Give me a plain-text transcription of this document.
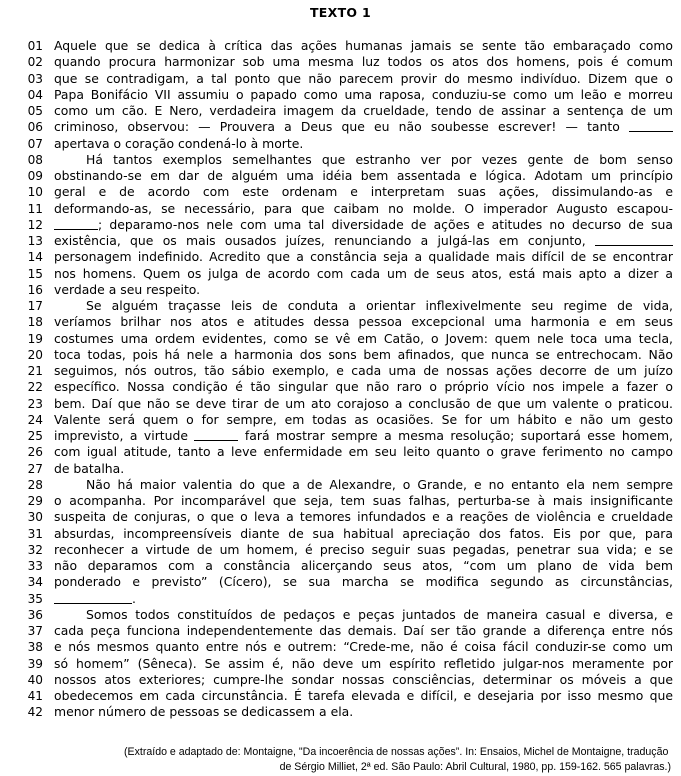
TEXTO 1
01 Aquele que se dedica à crítica das ações humanas jamais se sente tão embaraçado como
02 quando procura harmonizar sob uma mesma luz todos os atos dos homens, pois é comum
03 que se contradigam, a tal ponto que não parecem provir do mesmo indivíduo. Dizem que o
04 Papa Bonifácio VII assumiu o papado como uma raposa, conduziu-se como um leão e morreu
05 como um cão. E Nero, verdadeira imagem da crueldade, tendo de assinar a sentença de um
06 criminoso, observou: — Prouvera a Deus que eu não soubesse escrever! — tanto
07 apertava o coração condená-lo à morte.
08	Há tantos exemplos semelhantes que estranho ver por vezes gente de bom senso
09 obstinando-se em dar de alguém uma idéia bem assentada e lógica. Adotam um princípio
10 geral e de acordo com este ordenam e interpretam suas ações, dissimulando-as e
11 deformando-as, se necessário, para que caibam no molde. O imperador Augusto escapou-
12	; deparamo-nos nele com uma tal diversidade de ações e atitudes no decurso de sua
13 existência, que os mais ousados juízes, renunciando a julgá-las em conjunto,
14 personagem indefinido. Acredito que a constância seja a qualidade mais difícil de se encontrar
15 nos homens. Quem os julga de acordo com cada um de seus atos, está mais apto a dizer a
16 verdade a seu respeito.
17	Se alguém traçasse leis de conduta a orientar inflexivelmente seu regime de vida,
18 veríamos brilhar nos atos e atitudes dessa pessoa excepcional uma harmonia e em seus
19 costumes uma ordem evidentes, como se vê em Catão, o Jovem: quem nele toca uma tecla,
20 toca todas, pois há nele a harmonia dos sons bem afinados, que nunca se entrechocam. Não
21 seguimos, nós outros, tão sábio exemplo, e cada uma de nossas ações decorre de um juízo
22 específico. Nossa condição é tão singular que não raro o próprio vício nos impele a fazer o
23 bem. Daí que não se deve tirar de um ato corajoso a conclusão de que um valente o praticou.
24 Valente será quem o for sempre, em todas as ocasiões. Se for um hábito e não um gesto
25 imprevisto, a virtude	fará mostrar sempre a mesma resolução; suportará esse homem,
26 com igual atitude, tanto a leve enfermidade em seu leito quanto o grave ferimento no campo
27 de batalha.
28	Não há maior valentia do que a de Alexandre, o Grande, e no entanto ela nem sempre
29 o acompanha. Por incomparável que seja, tem suas falhas, perturba-se à mais insignificante
30 suspeita de conjuras, o que o leva a temores infundados e a reações de violência e crueldade
31 absurdas, incompreensíveis diante de sua habitual apreciação dos fatos. Eis por que, para
32 reconhecer a virtude de um homem, é preciso seguir suas pegadas, penetrar sua vida; e se
33 não deparamos com a constância alicerçando seus atos, “com um plano de vida bem
34 ponderado e previsto” (Cícero), se sua marcha se modifica segundo as circunstâncias,
35	.
36	Somos todos constituídos de pedaços e peças juntados de maneira casual e diversa, e
37 cada peça funciona independentemente das demais. Daí ser tão grande a diferença entre nós
38 e nós mesmos quanto entre nós e outrem: “Crede-me, não é coisa fácil conduzir-se como um
39 só homem” (Sêneca). Se assim é, não deve um espírito refletido julgar-nos meramente por
40 nossos atos exteriores; cumpre-lhe sondar nossas consciências, determinar os móveis a que
41 obedecemos em cada circunstância. É tarefa elevada e difícil, e desejaria por isso mesmo que
42 menor número de pessoas se dedicassem a ela.
(Extraído e adaptado de: Montaigne, "Da incoerência de nossas ações”. In: Ensaios, Michel de Montaigne, tradução
de Sérgio Milliet, 2ª ed. São Paulo: Abril Cultural, 1980, pp. 159-162. 565 palavras.)
